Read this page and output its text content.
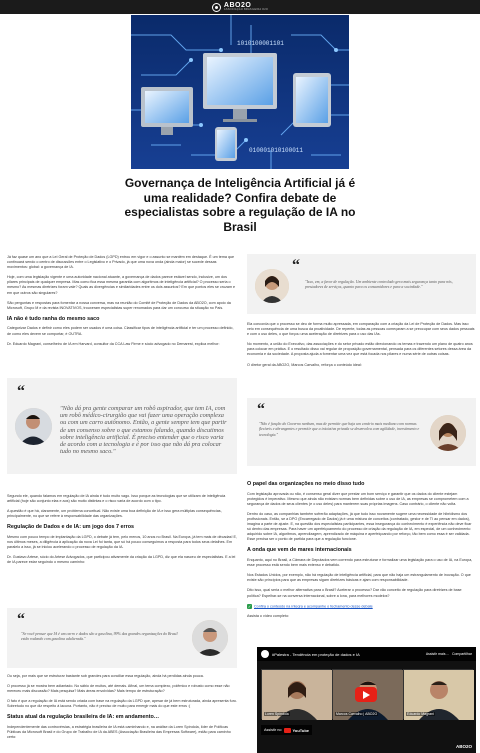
ABO2O
ASSOCIAÇÃO BRASILEIRA O2O
1010100001101
010001010100011
Governança de Inteligência Artificial já é uma realidade? Confira debate de especialistas sobre a regulação de IA no Brasil

Já faz quase um ano que a Lei Geral de Proteção de Dados (LGPD) entrou em vigor e o assunto se mantém em destaque. É um tema que continuará sendo o centro de discussões entre o Legislativo e o Privado, já que uma nova onda (ainda maior) se sucede dessas movimentos: global: a governança de IA.

Hoje, com uma legislação vigente e uma autoridade nacional atuante, a governança de dados parece estável sendo, inclusive, um dos pilares principais de qualquer empresa. Mas como fica essa mesma garantia com algoritmos de inteligência artificial? O processo seria o mesmo? As mesmas diretrizes foram vale? Quais as divergências e similaridades entre os dois assuntos? Em que pontos eles se cruzam e em que outros são singulares?

São perguntas e respostas para fomentar a nossa conversa, mas na reunião do Comitê de Proteção de Dados da ABO2O, com apoio da Microsoft, Grupo M e da revista INOVATIVOS, trouxeram especialistas super renomados para dar um concurso da situação no País.

IA não é tudo ranha do mesmo saco

Categorizar Dados e definir como eles podem ser usados é uma coisa. Classificar tipos de inteligência artificial e ter um processo definido, de como eles devem se comportar, é OUTRA.

Dr. Eduardo Magrani, conselheiro de IA em Harvard, consultor da CCA Law Firme e sócio advogado no Demarest, explica melhor:

“
"Isso, em, a favor de regulação. Um ambiente controlado gera mais segurança tanto para nós, prestadores de serviços, quanto para os consumidores e para a sociedade."

Ela concorda que o processo se deu de forma muito apressada, em comparação com a criação da Lei de Proteção de Dados. Mas isso veio em consequência de uma busca da proatividade. De repente, todas as pessoas começaram a se preocupar com seus dados pessoais e com o uso deles, o que forçou uma aceleração de diretrizes para o uso das IAs.

No momento, a união do Executivo, das associações e do setor privado estão direcionando os temas e trazendo um plano de quatro anos para colocar em prática. E o resultado disso vai regular de proposição governamental, pensada para os diferentes setores dessa área da economia e da sociedade. A proposta ajuda a fomentar uma vez que está focada nos pilares e numa série de outras coisas.

O diretor geral da ABO2O, Marcos Carvalho, reforça o conteúdo ideal:

“
"Não dá pra gente comparar um robô aspirador, que tem IA, com um robô médico-cirurgião que vai fazer uma operação complexa ou com um carro autônomo. Então, a gente sempre tem que partir de um consenso sobre o que estamos falando, quando discutimos sobre inteligência artificial. É preciso entender que o risco varia de acordo com a tecnologia e é por isso que não dá pra colocar tudo no mesmo saco."
“
"Não é função do Governo nenhum, mas de permitir que haja um cenário mais mediano com normas flexíveis e abrangentes e permitir que a iniciativa privada se desenvolva com agilidade, investimento e tecnologia."

Segundo ele, quando falamos em regulação de IA ainda é tudo muito vago. Isso porque as tecnologias que se utilizam de inteligência artificial (hoje são conjunto elas e aos) são muito distintas e o risco varia de acordo com o tipo.

A questão é que há, claramente, um problema conceitual. Não existe uma boa definição de IA e isso gera múltiplas consequências, principalmente, no que se refere à responsabilidade das organizações.

Regulação de Dados e de IA: um jogo dos 7 erros

Mesmo com pouco tempo de implantação da LGPD, o debate já tem, pelo menos, 10 anos no Brasil. Na Europa, já tem mais de décadas! E, nos últimos meses, a diligência à aplicação da nova Lei foi tanta, que só há pouco conseguimos a resposta para todos seus detalhes. Em paralelo a isso, já se iniciou acelerando o processo de regulação da IA.

Dr. Gustavo Artese, sócio do Artese Advogados, que participou ativamente da criação da LGPD, diz que ela nasceu de especialistas. E a lei de IA parece estar seguindo o mesmo caminho:

O papel das organizações no meio disso tudo

Com legislação aprovada ou não, é consenso geral dizer que prestar um bom serviço e garantir que os dados do cliente estejam protegidos é imperativo. Mesmo que ainda não existam normas bem definidas sobre o uso de IA, as empresas se comprometem com a segurança de dados de seus clientes (e o uso deles) para manterem suas próprias imagens. Caso contrário, o cliente não volta.

Dentro do caso, as companhias também sofrerão adaptações, já que tudo isso novamente sugere uma necessidade de hibridismo dos profissionais. Então, se a DPO (Encarregado de Dados) já é uma mistura de conceitos (contratado, gestor e de TI ao pensar em dados), imagina a parte de ajuste. E, na questão dos especialistas participantes, essa insegurança do conhecimento é experiência não deve ficar só dentro das empresas. Para haver um aperfeiçoamento do processo de criação da regulação de IA, em especial, de um conhecimento adquirido sobre IA, algoritmos, aprendizagem, aprendizado de máquina e aperfeiçoando por reforço, tão bem como essa é ser validada. Esse precisa ser o ponto de partida para que a regulação funcione.

A onda que vem de mares internacionais

Enquanto, aqui no Brasil, a Câmara de Deputados vem correndo para estruturar e formalizar uma legislação para o uso de IA, na Europa, esse processo está sendo bem mais extenso e debatido.

Nos Estados Unidos, por exemplo, não há regulação de inteligência artificial, para que não haja um estrangulamento de inovação. O que existe são princípios para que as empresas sigam diretrizes básicas e ajam com responsabilidade.

Dito isso, qual seria o melhor alternativa para o Brasil? Acelerar o processo? Dar vão conceito de regulação para diretrizes de base política? Espelhar-se na conversa internacional, sobre a lona, para melhores modelos?

✓ Confira o conteúdo na íntegra e acompanhe o fechamento desse debate

Assista o vídeo completo:

“
"Se você pensar que IA é um carro e dados são a gasolina, 99% das grandes organizações do Brasil estão rodando com gasolina adulterada."

Ou seja, por mais que se estruturar bastante sob grandes para conciliar essa regulação, ainda há perdidas ainda pouca.

O processo já se mostra bem adiantado. No sábio de muitos, até demais. Afinal, um tema complexo, polêmico e robusto como esse não mereceu mais discussão? Mais pesquisa? Mais áreas envolvidas? Mais tempo de estruturação?

O fato é que a regulação de IA está sendo criada com base na regulação da LGPD que, apesar de já bem estruturada, ainda apresenta furo. Sobretudo no que diz respeito à lacuna. Portanto, não é preciso de muito para emergir mais do que este erros :(

Status atual da regulação brasileira de IA: em andamento…

Independentemente das controvérsias, a estratégia brasileira de IA está caminhando e, na análise da Loren Spíndola, líder de Políticas Públicas da Microsoft Brasil e do Grupo de Trabalho de IA da ABES (Associação Brasileira das Empresas Software), estão para caminho certo:

#Palestra - Tendência em proteção de dados e IA	Assistir mais… Compartilhar
Loren Spíndola	Marcos Carvalho | ABO2O	Eduardo Magrani
Assistir no	YouTube
ABO2O
